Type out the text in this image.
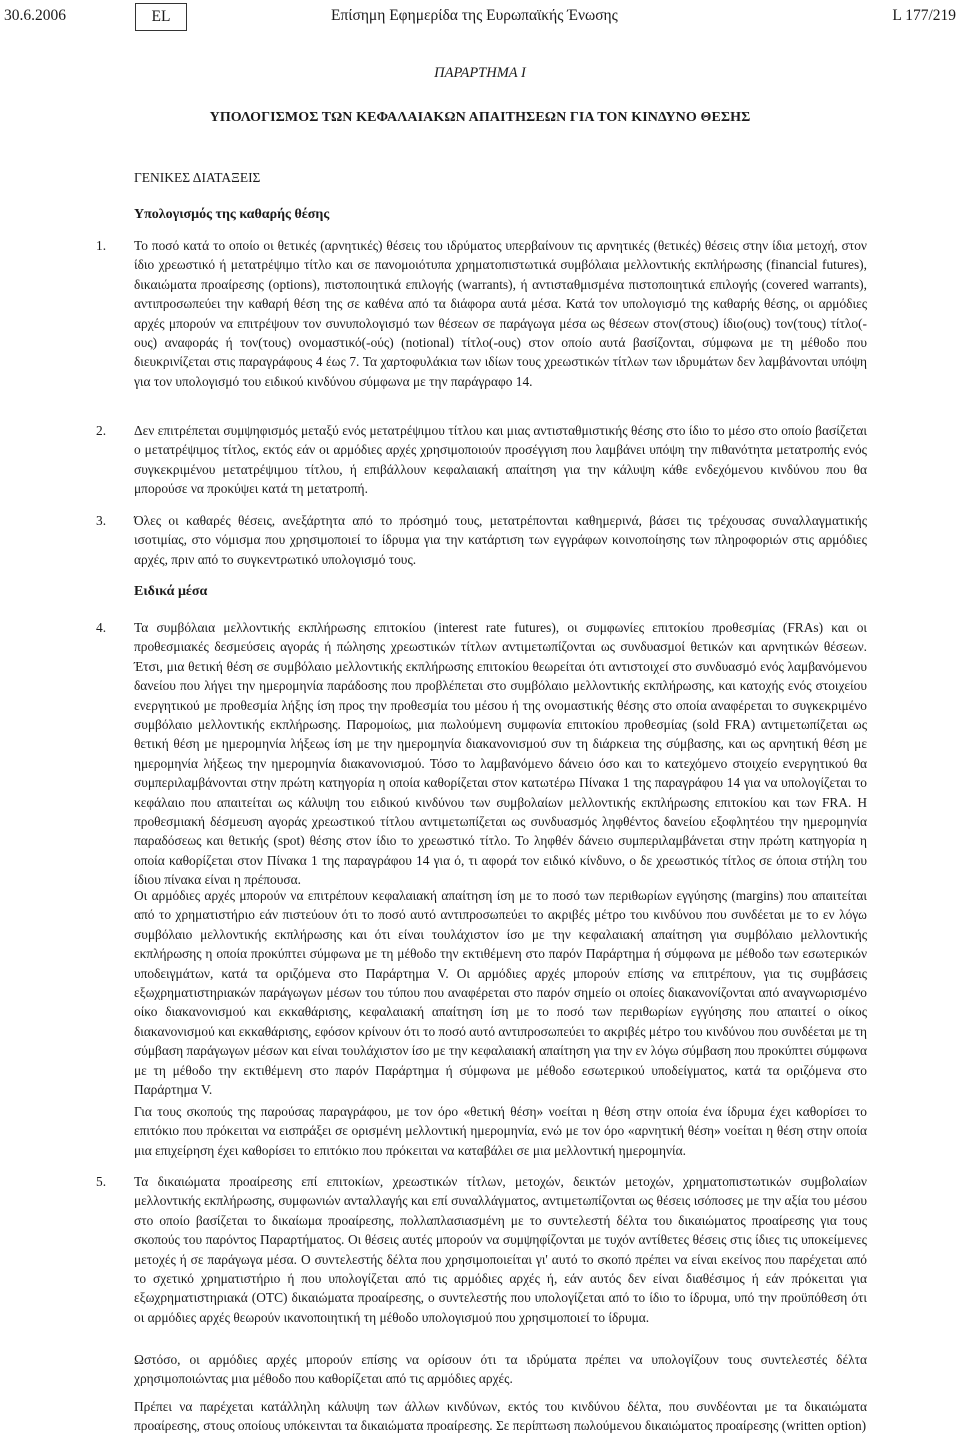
30.6.2006	EL	Επίσημη Εφημερίδα της Ευρωπαϊκής Ένωσης	L 177/219
ΠΑΡΑΡΤΗΜΑ I
ΥΠΟΛΟΓΙΣΜΟΣ ΤΩΝ ΚΕΦΑΛΑΙΑΚΩΝ ΑΠΑΙΤΗΣΕΩΝ ΓΙΑ ΤΟΝ ΚΙΝΔΥΝΟ ΘΕΣΗΣ
ΓΕΝΙΚΕΣ ΔΙΑΤΑΞΕΙΣ
Υπολογισμός της καθαρής θέσης
1. Το ποσό κατά το οποίο οι θετικές (αρνητικές) θέσεις του ιδρύματος υπερβαίνουν τις αρνητικές (θετικές) θέσεις στην ίδια μετοχή, στον ίδιο χρεωστικό ή μετατρέψιμο τίτλο και σε πανομοιότυπα χρηματοπιστωτικά συμβόλαια μελλοντικής εκπλήρωσης (financial futures), δικαιώματα προαίρεσης (options), πιστοποιητικά επιλογής (warrants), ή αντισταθμισμένα πιστοποιητικά επιλογής (covered warrants), αντιπροσωπεύει την καθαρή θέση της σε καθένα από τα διάφορα αυτά μέσα. Κατά τον υπολογισμό της καθαρής θέσης, οι αρμόδιες αρχές μπορούν να επιτρέψουν τον συνυπολογισμό των θέσεων σε παράγωγα μέσα ως θέσεων στον(στους) ίδιο(ους) τον(τους) τίτλο(-ους) αναφοράς ή τον(τους) ονομαστικό(-ούς) (notional) τίτλο(-ους) στον οποίο αυτά βασίζονται, σύμφωνα με τη μέθοδο που διευκρινίζεται στις παραγράφους 4 έως 7. Τα χαρτοφυλάκια των ιδίων τους χρεωστικών τίτλων των ιδρυμάτων δεν λαμβάνονται υπόψη για τον υπολογισμό του ειδικού κινδύνου σύμφωνα με την παράγραφο 14.
2. Δεν επιτρέπεται συμψηφισμός μεταξύ ενός μετατρέψιμου τίτλου και μιας αντισταθμιστικής θέσης στο ίδιο το μέσο στο οποίο βασίζεται ο μετατρέψιμος τίτλος, εκτός εάν οι αρμόδιες αρχές χρησιμοποιούν προσέγγιση που λαμβάνει υπόψη την πιθανότητα μετατροπής ενός συγκεκριμένου μετατρέψιμου τίτλου, ή επιβάλλουν κεφαλαιακή απαίτηση για την κάλυψη κάθε ενδεχόμενου κινδύνου που θα μπορούσε να προκύψει κατά τη μετατροπή.
3. Όλες οι καθαρές θέσεις, ανεξάρτητα από το πρόσημό τους, μετατρέπονται καθημερινά, βάσει τις τρέχουσας συναλλαγματικής ισοτιμίας, στο νόμισμα που χρησιμοποιεί το ίδρυμα για την κατάρτιση των εγγράφων κοινοποίησης των πληροφοριών στις αρμόδιες αρχές, πριν από το συγκεντρωτικό υπολογισμό τους.
Ειδικά μέσα
4. Τα συμβόλαια μελλοντικής εκπλήρωσης επιτοκίου (interest rate futures), οι συμφωνίες επιτοκίου προθεσμίας (FRAs) και οι προθεσμιακές δεσμεύσεις αγοράς ή πώλησης χρεωστικών τίτλων αντιμετωπίζονται ως συνδυασμοί θετικών και αρνητικών θέσεων. Έτσι, μια θετική θέση σε συμβόλαιο μελλοντικής εκπλήρωσης επιτοκίου θεωρείται ότι αντιστοιχεί στο συνδυασμό ενός λαμβανόμενου δανείου που λήγει την ημερομηνία παράδοσης που προβλέπεται στο συμβόλαιο μελλοντικής εκπλήρωσης, και κατοχής ενός στοιχείου ενεργητικού με προθεσμία λήξης ίση προς την προθεσμία του μέσου ή της ονομαστικής θέσης στο οποία αναφέρεται το συγκεκριμένο συμβόλαιο μελλοντικής εκπλήρωσης. Παρομοίως, μια πωλούμενη συμφωνία επιτοκίου προθεσμίας (sold FRA) αντιμετωπίζεται ως θετική θέση με ημερομηνία λήξεως ίση με την ημερομηνία διακανονισμού συν τη διάρκεια της σύμβασης, και ως αρνητική θέση με ημερομηνία λήξεως την ημερομηνία διακανονισμού. Τόσο το λαμβανόμενο δάνειο όσο και το κατεχόμενο στοιχείο ενεργητικού θα συμπεριλαμβάνονται στην πρώτη κατηγορία η οποία καθορίζεται στον κατωτέρω Πίνακα 1 της παραγράφου 14 για να υπολογίζεται το κεφάλαιο που απαιτείται ως κάλυψη του ειδικού κινδύνου των συμβολαίων μελλοντικής εκπλήρωσης επιτοκίου και των FRA. Η προθεσμιακή δέσμευση αγοράς χρεωστικού τίτλου αντιμετωπίζεται ως συνδυασμός ληφθέντος δανείου εξοφλητέου την ημερομηνία παραδόσεως και θετικής (spot) θέσης στον ίδιο το χρεωστικό τίτλο. Το ληφθέν δάνειο συμπεριλαμβάνεται στην πρώτη κατηγορία η οποία καθορίζεται στον Πίνακα 1 της παραγράφου 14 για ό, τι αφορά τον ειδικό κίνδυνο, ο δε χρεωστικός τίτλος σε όποια στήλη του ίδιου πίνακα είναι η πρέπουσα.
Οι αρμόδιες αρχές μπορούν να επιτρέπουν κεφαλαιακή απαίτηση ίση με το ποσό των περιθωρίων εγγύησης (margins) που απαιτείται από το χρηματιστήριο εάν πιστεύουν ότι το ποσό αυτό αντιπροσωπεύει το ακριβές μέτρο του κινδύνου που συνδέεται με το εν λόγω συμβόλαιο μελλοντικής εκπλήρωσης και ότι είναι τουλάχιστον ίσο με την κεφαλαιακή απαίτηση για συμβόλαιο μελλοντικής εκπλήρωσης η οποία προκύπτει σύμφωνα με τη μέθοδο την εκτιθέμενη στο παρόν Παράρτημα ή σύμφωνα με μέθοδο των εσωτερικών υποδειγμάτων, κατά τα οριζόμενα στο Παράρτημα V. Οι αρμόδιες αρχές μπορούν επίσης να επιτρέπουν, για τις συμβάσεις εξωχρηματιστηριακών παράγωγων μέσων του τύπου που αναφέρεται στο παρόν σημείο οι οποίες διακανονίζονται από αναγνωρισμένο οίκο διακανονισμού και εκκαθάρισης, κεφαλαιακή απαίτηση ίση με το ποσό των περιθωρίων εγγύησης που απαιτεί ο οίκος διακανονισμού και εκκαθάρισης, εφόσον κρίνουν ότι το ποσό αυτό αντιπροσωπεύει το ακριβές μέτρο του κινδύνου που συνδέεται με τη σύμβαση παράγωγων μέσων και είναι τουλάχιστον ίσο με την κεφαλαιακή απαίτηση για την εν λόγω σύμβαση που προκύπτει σύμφωνα με τη μέθοδο την εκτιθέμενη στο παρόν Παράρτημα ή σύμφωνα με μέθοδο εσωτερικού υποδείγματος, κατά τα οριζόμενα στο Παράρτημα V.
Για τους σκοπούς της παρούσας παραγράφου, με τον όρο «θετική θέση» νοείται η θέση στην οποία ένα ίδρυμα έχει καθορίσει το επιτόκιο που πρόκειται να εισπράξει σε ορισμένη μελλοντική ημερομηνία, ενώ με τον όρο «αρνητική θέση» νοείται η θέση στην οποία μια επιχείρηση έχει καθορίσει το επιτόκιο που πρόκειται να καταβάλει σε μια μελλοντική ημερομηνία.
5. Τα δικαιώματα προαίρεσης επί επιτοκίων, χρεωστικών τίτλων, μετοχών, δεικτών μετοχών, χρηματοπιστωτικών συμβολαίων μελλοντικής εκπλήρωσης, συμφωνιών ανταλλαγής και επί συναλλάγματος, αντιμετωπίζονται ως θέσεις ισόποσες με την αξία του μέσου στο οποίο βασίζεται το δικαίωμα προαίρεσης, πολλαπλασιασμένη με το συντελεστή δέλτα του δικαιώματος προαίρεσης για τους σκοπούς του παρόντος Παραρτήματος. Οι θέσεις αυτές μπορούν να συμψηφίζονται με τυχόν αντίθετες θέσεις στις ίδιες τις υποκείμενες μετοχές ή σε παράγωγα μέσα. Ο συντελεστής δέλτα που χρησιμοποιείται γι' αυτό το σκοπό πρέπει να είναι εκείνος που παρέχεται από το σχετικό χρηματιστήριο ή που υπολογίζεται από τις αρμόδιες αρχές ή, εάν αυτός δεν είναι διαθέσιμος ή εάν πρόκειται για εξωχρηματιστηριακά (OTC) δικαιώματα προαίρεσης, ο συντελεστής που υπολογίζεται από το ίδιο το ίδρυμα, υπό την προϋπόθεση ότι οι αρμόδιες αρχές θεωρούν ικανοποιητική τη μέθοδο υπολογισμού που χρησιμοποιεί το ίδρυμα.
Ωστόσο, οι αρμόδιες αρχές μπορούν επίσης να ορίσουν ότι τα ιδρύματα πρέπει να υπολογίζουν τους συντελεστές δέλτα χρησιμοποιώντας μια μέθοδο που καθορίζεται από τις αρμόδιες αρχές.
Πρέπει να παρέχεται κατάλληλη κάλυψη των άλλων κινδύνων, εκτός του κινδύνου δέλτα, που συνδέονται με τα δικαιώματα προαίρεσης, στους οποίους υπόκεινται τα δικαιώματα προαίρεσης. Σε περίπτωση πωλούμενου δικαιώματος προαίρεσης (written option)
